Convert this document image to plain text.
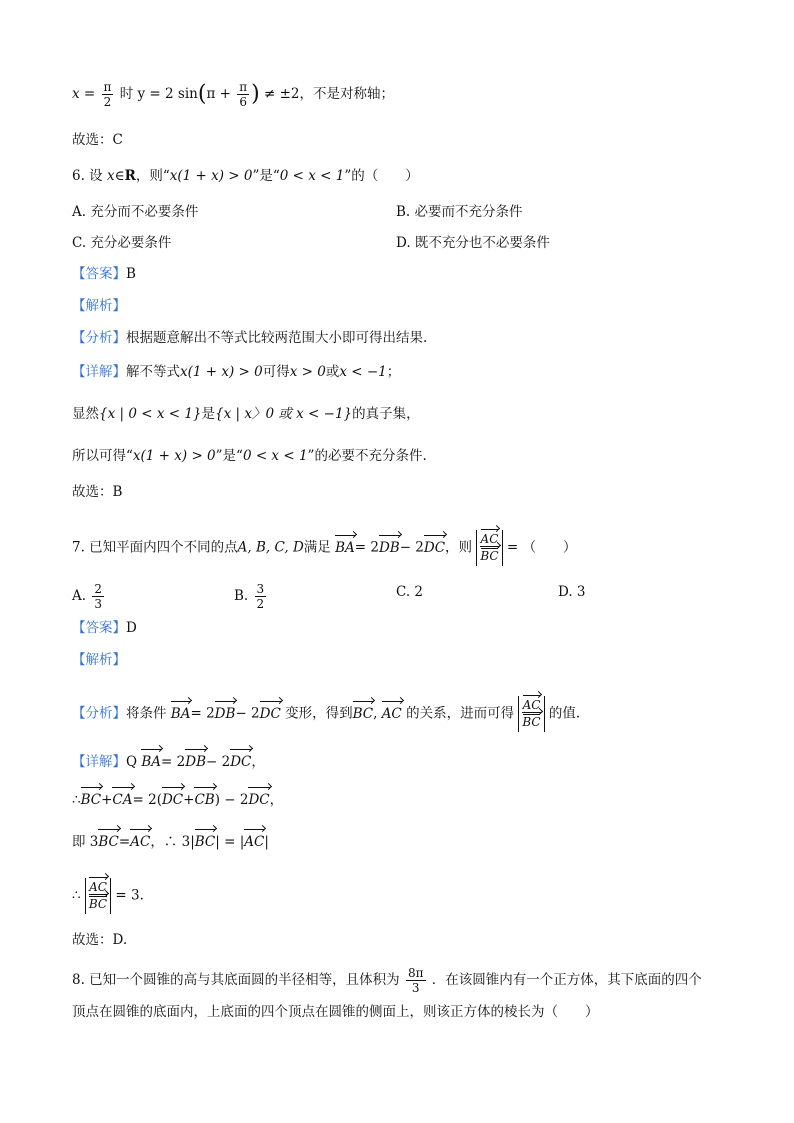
$x = \frac{\pi}{2}$ 时 y = 2 $\sin(\pi + \frac{\pi}{6}$ ) ≠ ±2，不是对称轴；
故选：C
6. 设 x∈R，则“x(1 + x) > 0”是“0 < x < 1”的（　　）
A. 充分而不必要条件	B. 必要而不充分条件
C. 充分必要条件	D. 既不充分也不必要条件
【答案】B
【解析】
【分析】根据题意解出不等式比较两范围大小即可得出结果.
【详解】解不等式x(1 + x) > 0可得x > 0或x < −1；
显然{x | 0 < x < 1}是{x | x〉0 或 x < −1}的真子集，
所以可得“x(1 + x) > 0”是“0 < x < 1”的必要不充分条件.
故选：B
7. 已知平面内四个不同的点A, B, C, D满足 BA= 2DB− 2DC，则 $\frac{AC}{BC}$ = （　　）
A. $\frac{2}{3}$	B. $\frac{3}{2}$	C. 2	D. 3
【答案】D
【解析】
【分析】将条件 BA= 2DB− 2DC 变形，得到BC, AC 的关系，进而可得 $\frac{AC}{BC}$ 的值.
【详解】Q BA= 2DB− 2DC，
∴BC+CA= 2(DC+CB) − 2DC，
即 3BC=AC，∴ 3|BC| = |AC|
∴ $\frac{AC}{BC} = 3$.
故选：D.
8. 已知一个圆锥的高与其底面圆的半径相等，且体积为 $\frac{8\pi}{3}$ ．在该圆锥内有一个正方体，其下底面的四个
顶点在圆锥的底面内，上底面的四个顶点在圆锥的侧面上，则该正方体的棱长为（　　）
